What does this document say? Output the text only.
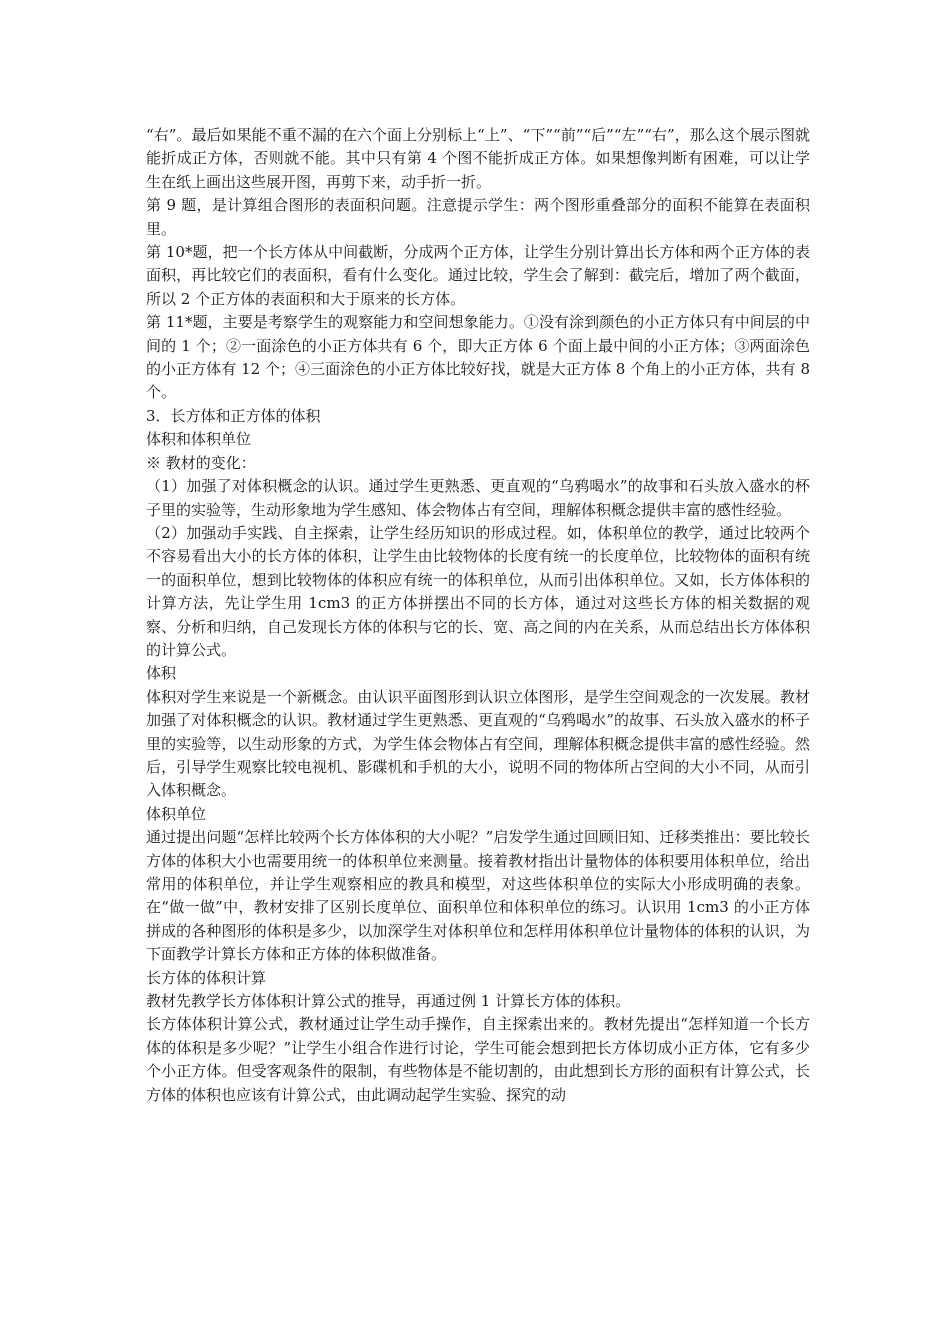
“右”。最后如果能不重不漏的在六个面上分别标上“上”、“下”“前”“后”“左”“右”，那么这个展示图就能折成正方体，否则就不能。其中只有第 4 个图不能折成正方体。如果想像判断有困难，可以让学生在纸上画出这些展开图，再剪下来，动手折一折。

第 9 题，是计算组合图形的表面积问题。注意提示学生：两个图形重叠部分的面积不能算在表面积里。

第 10*题，把一个长方体从中间截断，分成两个正方体，让学生分别计算出长方体和两个正方体的表面积，再比较它们的表面积，看有什么变化。通过比较，学生会了解到：截完后，增加了两个截面，所以 2 个正方体的表面积和大于原来的长方体。

第 11*题，主要是考察学生的观察能力和空间想象能力。①没有涂到颜色的小正方体只有中间层的中间的 1 个；②一面涂色的小正方体共有 6 个，即大正方体 6 个面上最中间的小正方体；③两面涂色的小正方体有 12 个；④三面涂色的小正方体比较好找，就是大正方体 8 个角上的小正方体，共有 8 个。

3．长方体和正方体的体积

体积和体积单位

※ 教材的变化：

（1）加强了对体积概念的认识。通过学生更熟悉、更直观的“乌鸦喝水”的故事和石头放入盛水的杯子里的实验等，生动形象地为学生感知、体会物体占有空间，理解体积概念提供丰富的感性经验。

（2）加强动手实践、自主探索，让学生经历知识的形成过程。如，体积单位的教学，通过比较两个不容易看出大小的长方体的体积，让学生由比较物体的长度有统一的长度单位，比较物体的面积有统一的面积单位，想到比较物体的体积应有统一的体积单位，从而引出体积单位。又如，长方体体积的计算方法，先让学生用 1cm3 的正方体拼摆出不同的长方体，通过对这些长方体的相关数据的观察、分析和归纳，自己发现长方体的体积与它的长、宽、高之间的内在关系，从而总结出长方体体积的计算公式。

体积

体积对学生来说是一个新概念。由认识平面图形到认识立体图形，是学生空间观念的一次发展。教材加强了对体积概念的认识。教材通过学生更熟悉、更直观的“乌鸦喝水”的故事、石头放入盛水的杯子里的实验等，以生动形象的方式，为学生体会物体占有空间，理解体积概念提供丰富的感性经验。然后，引导学生观察比较电视机、影碟机和手机的大小，说明不同的物体所占空间的大小不同，从而引入体积概念。

体积单位

通过提出问题“怎样比较两个长方体体积的大小呢？”启发学生通过回顾旧知、迁移类推出：要比较长方体的体积大小也需要用统一的体积单位来测量。接着教材指出计量物体的体积要用体积单位，给出常用的体积单位，并让学生观察相应的教具和模型，对这些体积单位的实际大小形成明确的表象。在“做一做”中，教材安排了区别长度单位、面积单位和体积单位的练习。认识用 1cm3 的小正方体拼成的各种图形的体积是多少，以加深学生对体积单位和怎样用体积单位计量物体的体积的认识，为下面教学计算长方体和正方体的体积做准备。

长方体的体积计算

教材先教学长方体体积计算公式的推导，再通过例 1 计算长方体的体积。

长方体体积计算公式，教材通过让学生动手操作，自主探索出来的。教材先提出“怎样知道一个长方体的体积是多少呢？”让学生小组合作进行讨论，学生可能会想到把长方体切成小正方体，它有多少个小正方体。但受客观条件的限制，有些物体是不能切割的，由此想到长方形的面积有计算公式，长方体的体积也应该有计算公式，由此调动起学生实验、探究的动
